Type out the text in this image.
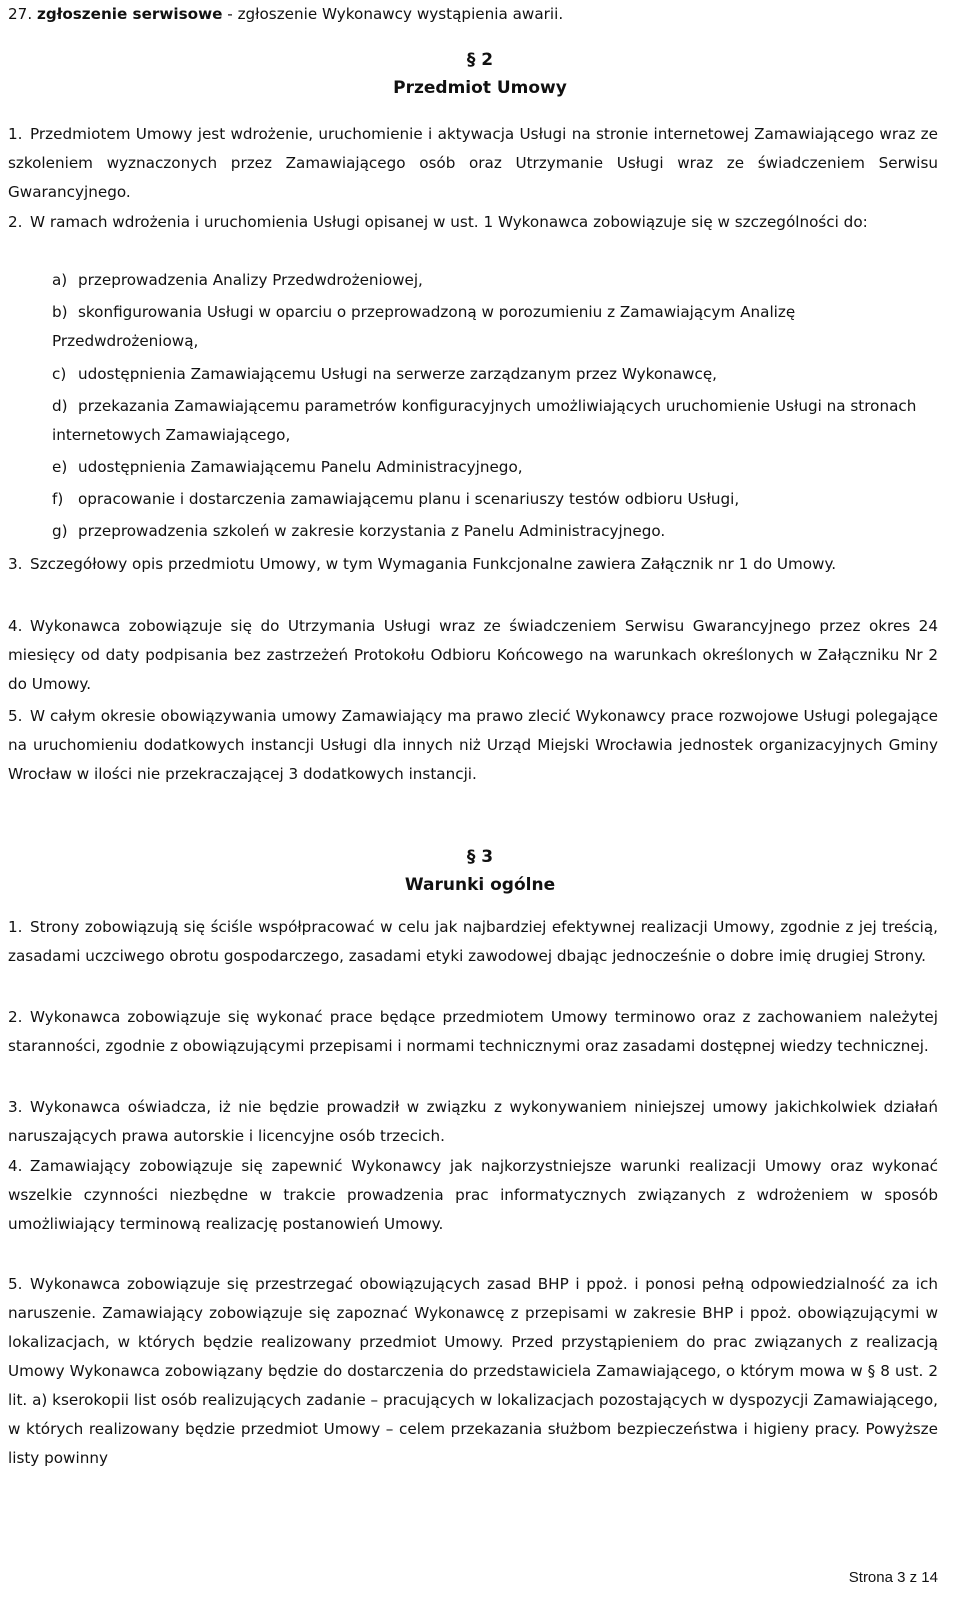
27. zgłoszenie serwisowe - zgłoszenie Wykonawcy wystąpienia awarii.
§ 2
Przedmiot Umowy
1. Przedmiotem Umowy jest wdrożenie, uruchomienie i aktywacja Usługi na stronie internetowej Zamawiającego wraz ze szkoleniem wyznaczonych przez Zamawiającego osób oraz Utrzymanie Usługi wraz ze świadczeniem Serwisu Gwarancyjnego.
2. W ramach wdrożenia i uruchomienia Usługi opisanej w ust. 1 Wykonawca zobowiązuje się w szczególności do:
a) przeprowadzenia Analizy Przedwdrożeniowej,
b) skonfigurowania Usługi w oparciu o przeprowadzoną w porozumieniu z Zamawiającym Analizę Przedwdrożeniową,
c) udostępnienia Zamawiającemu Usługi na serwerze zarządzanym przez Wykonawcę,
d) przekazania Zamawiającemu parametrów konfiguracyjnych umożliwiających uruchomienie Usługi na stronach internetowych Zamawiającego,
e) udostępnienia Zamawiającemu Panelu Administracyjnego,
f) opracowanie i dostarczenia zamawiającemu planu i scenariuszy testów odbioru Usługi,
g) przeprowadzenia szkoleń w zakresie korzystania z Panelu Administracyjnego.
3. Szczegółowy opis przedmiotu Umowy, w tym Wymagania Funkcjonalne zawiera Załącznik nr 1 do Umowy.
4. Wykonawca zobowiązuje się do Utrzymania Usługi wraz ze świadczeniem Serwisu Gwarancyjnego przez okres 24 miesięcy od daty podpisania bez zastrzeżeń Protokołu Odbioru Końcowego na warunkach określonych w Załączniku Nr 2 do Umowy.
5. W całym okresie obowiązywania umowy Zamawiający ma prawo zlecić Wykonawcy prace rozwojowe Usługi polegające na uruchomieniu dodatkowych instancji Usługi dla innych niż Urząd Miejski Wrocławia jednostek organizacyjnych Gminy Wrocław w ilości nie przekraczającej 3 dodatkowych instancji.
§ 3
Warunki ogólne
1. Strony zobowiązują się ściśle współpracować w celu jak najbardziej efektywnej realizacji Umowy, zgodnie z jej treścią, zasadami uczciwego obrotu gospodarczego, zasadami etyki zawodowej dbając jednocześnie o dobre imię drugiej Strony.
2. Wykonawca zobowiązuje się wykonać prace będące przedmiotem Umowy terminowo oraz z zachowaniem należytej staranności, zgodnie z obowiązującymi przepisami i normami technicznymi oraz zasadami dostępnej wiedzy technicznej.
3. Wykonawca oświadcza, iż nie będzie prowadził w związku z wykonywaniem niniejszej umowy jakichkolwiek działań naruszających prawa autorskie i licencyjne osób trzecich.
4. Zamawiający zobowiązuje się zapewnić Wykonawcy jak najkorzystniejsze warunki realizacji Umowy oraz wykonać wszelkie czynności niezbędne w trakcie prowadzenia prac informatycznych związanych z wdrożeniem w sposób umożliwiający terminową realizację postanowień Umowy.
5. Wykonawca zobowiązuje się przestrzegać obowiązujących zasad BHP i ppoż. i ponosi pełną odpowiedzialność za ich naruszenie. Zamawiający zobowiązuje się zapoznać Wykonawcę z przepisami w zakresie BHP i ppoż. obowiązującymi w lokalizacjach, w których będzie realizowany przedmiot Umowy. Przed przystąpieniem do prac związanych z realizacją Umowy Wykonawca zobowiązany będzie do dostarczenia do przedstawiciela Zamawiającego, o którym mowa w § 8 ust. 2 lit. a) kserokopii list osób realizujących zadanie – pracujących w lokalizacjach pozostających w dyspozycji Zamawiającego, w których realizowany będzie przedmiot Umowy – celem przekazania służbom bezpieczeństwa i higieny pracy. Powyższe listy powinny
Strona 3 z 14
